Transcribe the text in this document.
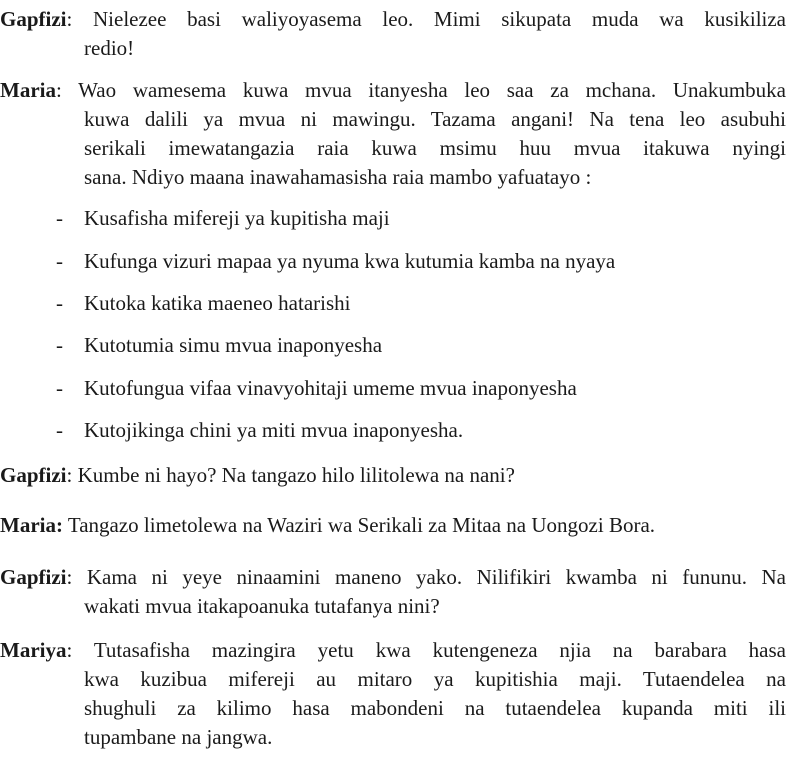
Gapfizi: Nielezee basi waliyoyasema leo. Mimi sikupata muda wa kusikiliza
redio!
Maria: Wao wamesema kuwa mvua itanyesha leo saa za mchana. Unakumbuka
kuwa dalili ya mvua ni mawingu. Tazama angani! Na tena leo asubuhi
serikali imewatangazia raia kuwa msimu huu mvua itakuwa nyingi
sana. Ndiyo maana inawahamasisha raia mambo yafuatayo :
- Kusafisha mifereji ya kupitisha maji
- Kufunga vizuri mapaa ya nyuma kwa kutumia kamba na nyaya
- Kutoka katika maeneo hatarishi
- Kutotumia simu mvua inaponyesha
- Kutofungua vifaa vinavyohitaji umeme mvua inaponyesha
- Kutojikinga chini ya miti mvua inaponyesha.
Gapfizi: Kumbe ni hayo? Na tangazo hilo lilitolewa na nani?
Maria: Tangazo limetolewa na Waziri wa Serikali za Mitaa na Uongozi Bora.
Gapfizi: Kama ni yeye ninaamini maneno yako. Nilifikiri kwamba ni fununu. Na
wakati mvua itakapoanuka tutafanya nini?
Mariya: Tutasafisha mazingira yetu kwa kutengeneza njia na barabara hasa
kwa kuzibua mifereji au mitaro ya kupitishia maji. Tutaendelea na
shughuli za kilimo hasa mabondeni na tutaendelea kupanda miti ili
tupambane na jangwa.
